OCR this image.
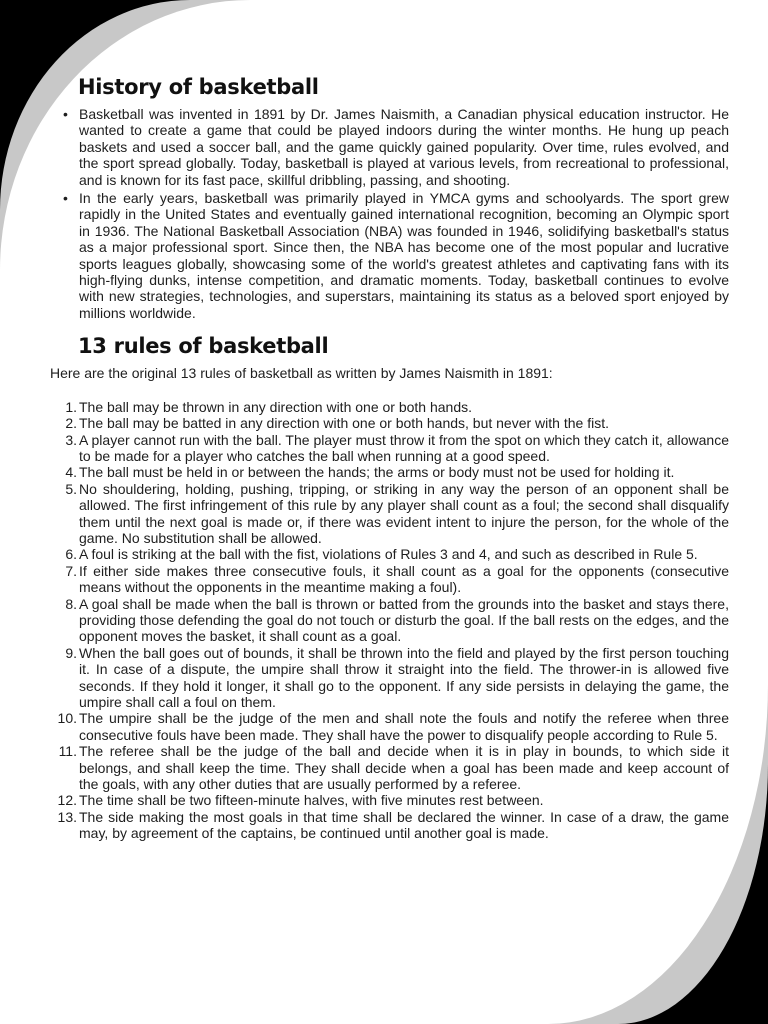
History of basketball
• Basketball was invented in 1891 by Dr. James Naismith, a Canadian physical education instructor. He wanted to create a game that could be played indoors during the winter months. He hung up peach baskets and used a soccer ball, and the game quickly gained popularity. Over time, rules evolved, and the sport spread globally. Today, basketball is played at various levels, from recreational to professional, and is known for its fast pace, skillful dribbling, passing, and shooting.
• In the early years, basketball was primarily played in YMCA gyms and schoolyards. The sport grew rapidly in the United States and eventually gained international recognition, becoming an Olympic sport in 1936. The National Basketball Association (NBA) was founded in 1946, solidifying basketball's status as a major professional sport. Since then, the NBA has become one of the most popular and lucrative sports leagues globally, showcasing some of the world's greatest athletes and captivating fans with its high-flying dunks, intense competition, and dramatic moments. Today, basketball continues to evolve with new strategies, technologies, and superstars, maintaining its status as a beloved sport enjoyed by millions worldwide.
13 rules of basketball

Here are the original 13 rules of basketball as written by James Naismith in 1891:

1. The ball may be thrown in any direction with one or both hands.
2. The ball may be batted in any direction with one or both hands, but never with the fist.
3. A player cannot run with the ball. The player must throw it from the spot on which they catch it, allowance to be made for a player who catches the ball when running at a good speed.
4. The ball must be held in or between the hands; the arms or body must not be used for holding it.
5. No shouldering, holding, pushing, tripping, or striking in any way the person of an opponent shall be allowed. The first infringement of this rule by any player shall count as a foul; the second shall disqualify them until the next goal is made or, if there was evident intent to injure the person, for the whole of the game. No substitution shall be allowed.
6. A foul is striking at the ball with the fist, violations of Rules 3 and 4, and such as described in Rule 5.
7. If either side makes three consecutive fouls, it shall count as a goal for the opponents (consecutive means without the opponents in the meantime making a foul).
8. A goal shall be made when the ball is thrown or batted from the grounds into the basket and stays there, providing those defending the goal do not touch or disturb the goal. If the ball rests on the edges, and the opponent moves the basket, it shall count as a goal.
9. When the ball goes out of bounds, it shall be thrown into the field and played by the first person touching it. In case of a dispute, the umpire shall throw it straight into the field. The thrower-in is allowed five seconds. If they hold it longer, it shall go to the opponent. If any side persists in delaying the game, the umpire shall call a foul on them.
10. The umpire shall be the judge of the men and shall note the fouls and notify the referee when three consecutive fouls have been made. They shall have the power to disqualify people according to Rule 5.
11. The referee shall be the judge of the ball and decide when it is in play in bounds, to which side it belongs, and shall keep the time. They shall decide when a goal has been made and keep account of the goals, with any other duties that are usually performed by a referee.
12. The time shall be two fifteen-minute halves, with five minutes rest between.
13. The side making the most goals in that time shall be declared the winner. In case of a draw, the game may, by agreement of the captains, be continued until another goal is made.
